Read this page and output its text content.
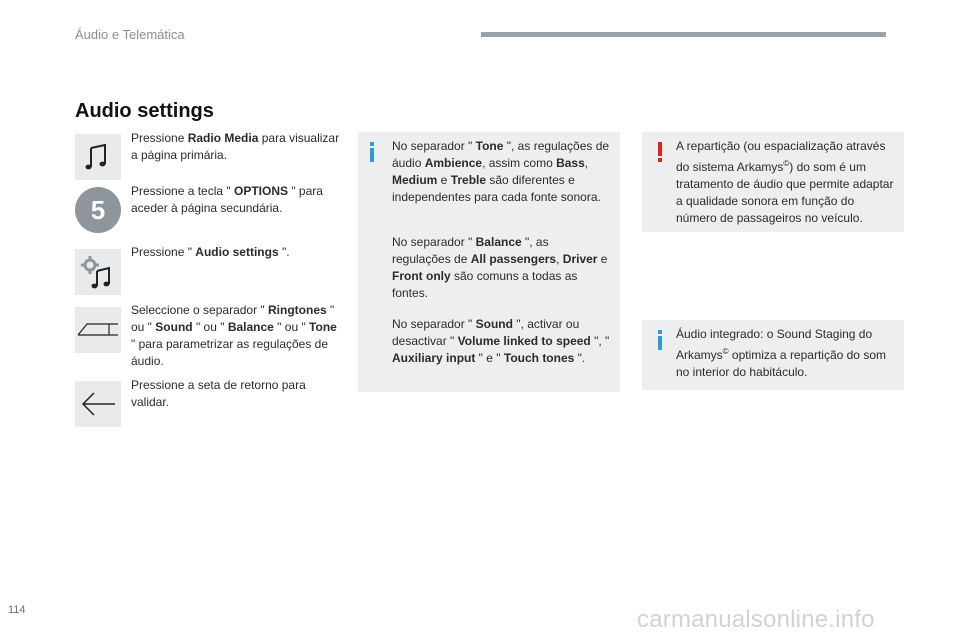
Áudio e Telemática
Audio settings
Pressione Radio Media para visualizar a página primária.
5
Pressione a tecla " OPTIONS " para aceder à página secundária.
Pressione " Audio settings ".
Seleccione o separador " Ringtones " ou " Sound " ou " Balance " ou " Tone " para parametrizar as regulações de áudio.
Pressione a seta de retorno para validar.
No separador " Tone ", as regulações de áudio Ambience, assim como Bass, Medium e Treble são diferentes e independentes para cada fonte sonora.
No separador " Balance ", as regulações de All passengers, Driver e Front only são comuns a todas as fontes.
No separador " Sound ", activar ou desactivar " Volume linked to speed ", " Auxiliary input " e " Touch tones ".
A repartição (ou espacialização através do sistema Arkamys©) do som é um tratamento de áudio que permite adaptar a qualidade sonora em função do número de passageiros no veículo.
Áudio integrado: o Sound Staging do Arkamys© optimiza a repartição do som no interior do habitáculo.
114	carmanualsonline.info
